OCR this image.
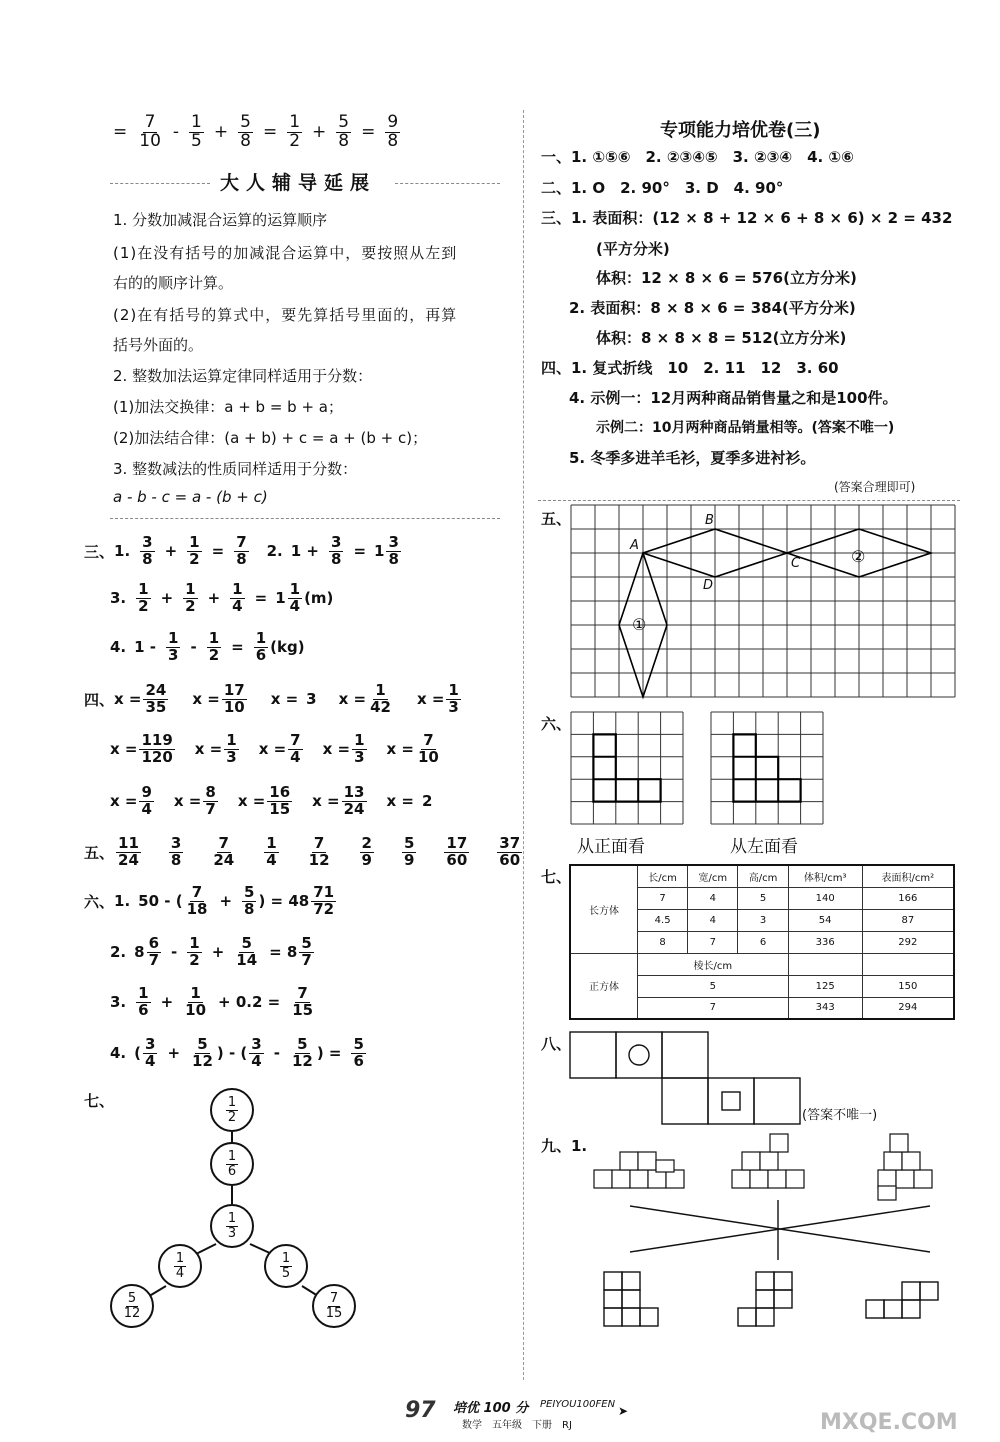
= $\frac{7}{10} - \frac{1}{5} + \frac{5}{8} = \frac{1}{2} + \frac{5}{8} = \frac{9}{8}$
大人辅导延展
1. 分数加减混合运算的运算顺序
(1)在没有括号的加减混合运算中，要按照从左到
右的的顺序计算。
(2)在有括号的算式中，要先算括号里面的，再算
括号外面的。
2. 整数加法运算定律同样适用于分数：
(1)加法交换律：a + b = b + a；
(2)加法结合律：(a + b) + c = a + (b + c)；
3. 整数减法的性质同样适用于分数：
a - b - c = a - (b + c)
三、 1. $\frac{3}{8} + \frac{1}{2} = \frac{7}{8} 2$. $1 + \frac{3}{8} = 1 \frac{3}{8}$
3. $\frac{1}{2} + \frac{1}{2} + \frac{1}{4} = 1 \frac{1}{4} (m)$
4. $1 - \frac{1}{3} - \frac{1}{2} = \frac{1}{6} (kg)$
四、 $x = \frac{24}{35}$ $x = \frac{17}{10}$ x = 3 $x = \frac{1}{42}$ $x = \frac{1}{3}$
$x = \frac{119}{120}$ $x = \frac{1}{3}$ $x = \frac{7}{4}$ $x = \frac{1}{3}$ $x = \frac{7}{10}$
$x = \frac{9}{4}$ $x = \frac{8}{7}$ $x = \frac{16}{15}$ $x = \frac{13}{24}$ x = 2
五、 $\frac{11}{24} \frac{3}{8} \frac{7}{24} \frac{1}{4} \frac{7}{12} \frac{2}{9} \frac{5}{9} \frac{17}{60} \frac{37}{60}$
六、 1. 50 - ( $\frac{7}{18} + \frac{5}{8}$ ) = $48 \frac{71}{72}$
2. $8 \frac{6}{7} - \frac{1}{2} + \frac{5}{14} = 8 \frac{5}{7}$
3. $\frac{1}{6} + \frac{1}{10} + 0.2 = \frac{7}{15}$
4. ( $\frac{3}{4} + \frac{5}{12}$ ) - ( $\frac{3}{4} - \frac{5}{12}$ ) = $\frac{5}{6}$
七、	$\frac{1}{2}$
$\frac{1}{6}$
$\frac{1}{3}$
$\frac{1}{4}$	$\frac{1}{5}$
$\frac{5}{12}$	$\frac{7}{15}$
专项能力培优卷(三)
一、1. ①⑤⑥　2. ②③④⑤　3. ②③④　4. ①⑥
二、1. O　2. 90°　3. D　4. 90°
三、1. 表面积：(12 × 8 + 12 × 6 + 8 × 6) × 2 = 432
(平方分米)
体积：12 × 8 × 6 = 576(立方分米)
2. 表面积：8 × 8 × 6 = 384(平方分米)
体积：8 × 8 × 8 = 512(立方分米)
四、1. 复式折线　10　2. 11　12　3. 60
4. 示例一：12月两种商品销售量之和是100件。
示例二：10月两种商品销量相等。(答案不唯一)
5. 冬季多进羊毛衫，夏季多进衬衫。
(答案合理即可)
五、
A
B
C
D
①
②
六、
从正面看	从左面看
七、
长方体	长/cm	宽/cm	高/cm	体积/cm³	表面积/cm²
	7	4	5	140	166
	4.5	4	3	54	87
	8	7	6	336	292
正方体	棱长/cm				
	5			125	150
	7			343	294
八、
(答案不唯一)
九、1.
97 培优 100 分 PEIYOU100FEN
数学　五年级　下册　RJ
➤	MXQE.COM
